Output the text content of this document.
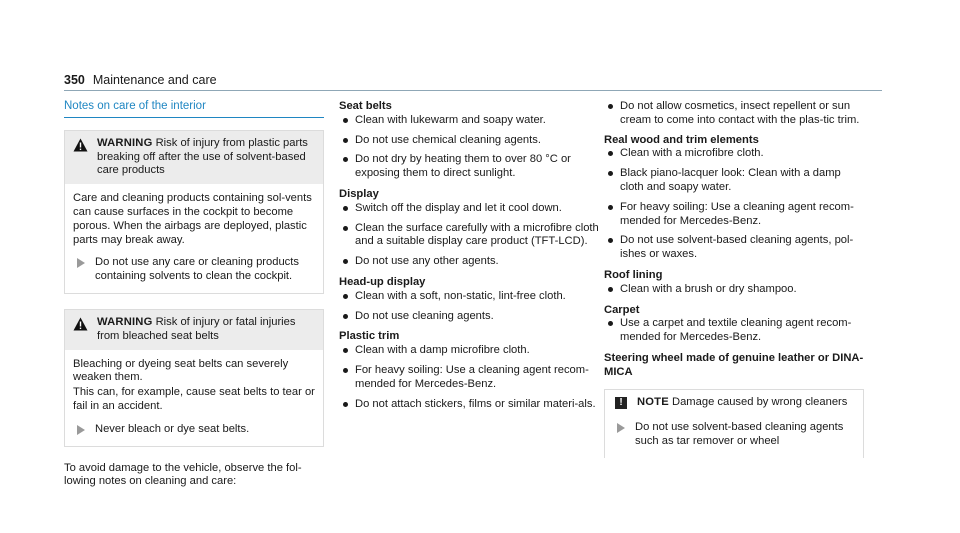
350 Maintenance and care
Notes on care of the interior
WARNING Risk of injury from plastic parts breaking off after the use of solvent-based care products
Care and cleaning products containing sol-vents can cause surfaces in the cockpit to become porous. When the airbags are deployed, plastic parts may break away.
Do not use any care or cleaning products containing solvents to clean the cockpit.
WARNING Risk of injury or fatal injuries from bleached seat belts
Bleaching or dyeing seat belts can severely weaken them.
This can, for example, cause seat belts to tear or fail in an accident.
Never bleach or dye seat belts.
To avoid damage to the vehicle, observe the fol-lowing notes on cleaning and care:
Seat belts
Clean with lukewarm and soapy water.
Do not use chemical cleaning agents.
Do not dry by heating them to over 80 °C or exposing them to direct sunlight.
Display
Switch off the display and let it cool down.
Clean the surface carefully with a microfibre cloth and a suitable display care product (TFT-LCD).
Do not use any other agents.
Head-up display
Clean with a soft, non-static, lint-free cloth.
Do not use cleaning agents.
Plastic trim
Clean with a damp microfibre cloth.
For heavy soiling: Use a cleaning agent recom-mended for Mercedes-Benz.
Do not attach stickers, films or similar materi-als.
Do not allow cosmetics, insect repellent or sun cream to come into contact with the plas-tic trim.
Real wood and trim elements
Clean with a microfibre cloth.
Black piano-lacquer look: Clean with a damp cloth and soapy water.
For heavy soiling: Use a cleaning agent recom-mended for Mercedes-Benz.
Do not use solvent-based cleaning agents, pol-ishes or waxes.
Roof lining
Clean with a brush or dry shampoo.
Carpet
Use a carpet and textile cleaning agent recom-mended for Mercedes-Benz.
Steering wheel made of genuine leather or DINA-MICA
!	NOTE Damage caused by wrong cleaners
Do not use solvent-based cleaning agents such as tar remover or wheel
